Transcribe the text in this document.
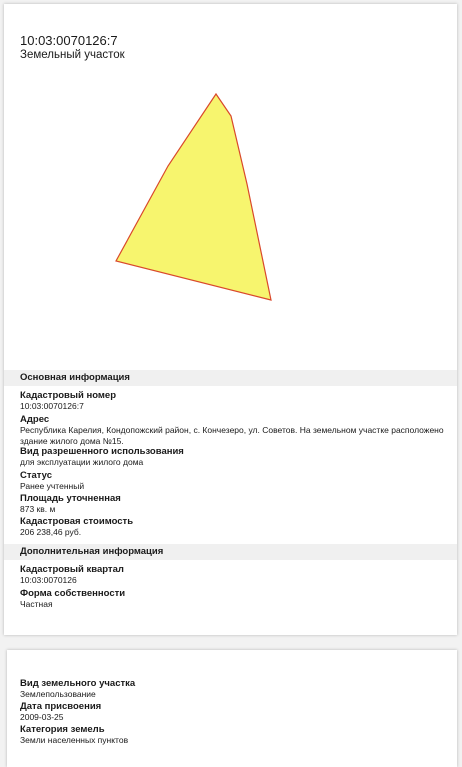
10:03:0070126:7
Земельный участок
Основная информация
Кадастровый номер
10:03:0070126:7
Адрес
Республика Карелия, Кондопожский район, с. Кончезеро, ул. Советов. На земельном участке расположено здание жилого дома №15.
Вид разрешенного использования
для эксплуатации жилого дома
Статус
Ранее учтенный
Площадь уточненная
873 кв. м
Кадастровая стоимость
206 238,46 руб.
Дополнительная информация
Кадастровый квартал
10:03:0070126
Форма собственности
Частная
Вид земельного участка
Землепользование
Дата присвоения
2009-03-25
Категория земель
Земли населенных пунктов
